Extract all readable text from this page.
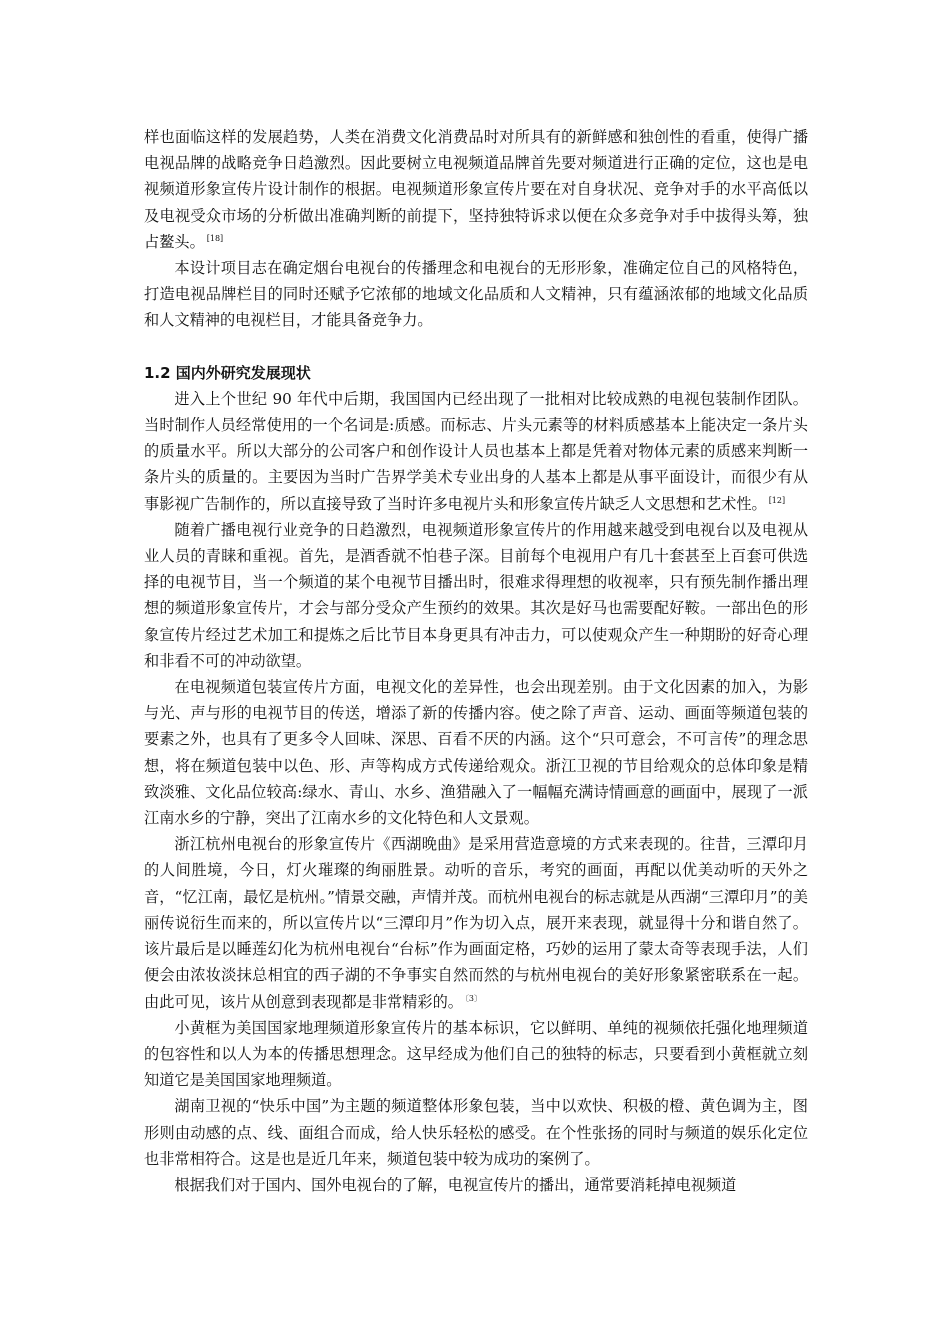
样也面临这样的发展趋势，人类在消费文化消费品时对所具有的新鲜感和独创性的看重，使得广播电视品牌的战略竞争日趋激烈。因此要树立电视频道品牌首先要对频道进行正确的定位，这也是电视频道形象宣传片设计制作的根据。电视频道形象宣传片要在对自身状况、竞争对手的水平高低以及电视受众市场的分析做出准确判断的前提下，坚持独特诉求以便在众多竞争对手中拔得头筹，独占鳌头。 [18]

本设计项目志在确定烟台电视台的传播理念和电视台的无形形象，准确定位自己的风格特色，打造电视品牌栏目的同时还赋予它浓郁的地域文化品质和人文精神，只有蕴涵浓郁的地域文化品质和人文精神的电视栏目，才能具备竞争力。

1.2 国内外研究发展现状

进入上个世纪 90 年代中后期，我国国内已经出现了一批相对比较成熟的电视包装制作团队。当时制作人员经常使用的一个名词是:质感。而标志、片头元素等的材料质感基本上能决定一条片头的质量水平。所以大部分的公司客户和创作设计人员也基本上都是凭着对物体元素的质感来判断一条片头的质量的。主要因为当时广告界学美术专业出身的人基本上都是从事平面设计，而很少有从事影视广告制作的，所以直接导致了当时许多电视片头和形象宣传片缺乏人文思想和艺术性。 [12]

随着广播电视行业竞争的日趋激烈，电视频道形象宣传片的作用越来越受到电视台以及电视从业人员的青睐和重视。首先，是酒香就不怕巷子深。目前每个电视用户有几十套甚至上百套可供选择的电视节目，当一个频道的某个电视节目播出时，很难求得理想的收视率，只有预先制作播出理想的频道形象宣传片，才会与部分受众产生预约的效果。其次是好马也需要配好鞍。一部出色的形象宣传片经过艺术加工和提炼之后比节目本身更具有冲击力，可以使观众产生一种期盼的好奇心理和非看不可的冲动欲望。

在电视频道包装宣传片方面，电视文化的差异性，也会出现差别。由于文化因素的加入，为影与光、声与形的电视节目的传送，增添了新的传播内容。使之除了声音、运动、画面等频道包装的要素之外，也具有了更多令人回味、深思、百看不厌的内涵。这个“只可意会，不可言传”的理念思想，将在频道包装中以色、形、声等构成方式传递给观众。浙江卫视的节目给观众的总体印象是精致淡雅、文化品位较高:绿水、青山、水乡、渔猎融入了一幅幅充满诗情画意的画面中，展现了一派江南水乡的宁静，突出了江南水乡的文化特色和人文景观。

浙江杭州电视台的形象宣传片《西湖晚曲》是采用营造意境的方式来表现的。往昔，三潭印月的人间胜境，今日，灯火璀璨的绚丽胜景。动听的音乐，考究的画面，再配以优美动听的天外之音，“忆江南，最忆是杭州。”情景交融，声情并茂。而杭州电视台的标志就是从西湖“三潭印月”的美丽传说衍生而来的，所以宣传片以“三潭印月”作为切入点，展开来表现，就显得十分和谐自然了。该片最后是以睡莲幻化为杭州电视台“台标”作为画面定格，巧妙的运用了蒙太奇等表现手法，人们便会由浓妆淡抹总相宜的西子湖的不争事实自然而然的与杭州电视台的美好形象紧密联系在一起。由此可见，该片从创意到表现都是非常精彩的。 $^{〔3〕}$

小黄框为美国国家地理频道形象宣传片的基本标识，它以鲜明、单纯的视频依托强化地理频道的包容性和以人为本的传播思想理念。这早经成为他们自己的独特的标志，只要看到小黄框就立刻知道它是美国国家地理频道。

湖南卫视的“快乐中国”为主题的频道整体形象包装，当中以欢快、积极的橙、黄色调为主，图形则由动感的点、线、面组合而成，给人快乐轻松的感受。在个性张扬的同时与频道的娱乐化定位也非常相符合。这是也是近几年来，频道包装中较为成功的案例了。

根据我们对于国内、国外电视台的了解，电视宣传片的播出，通常要消耗掉电视频道
